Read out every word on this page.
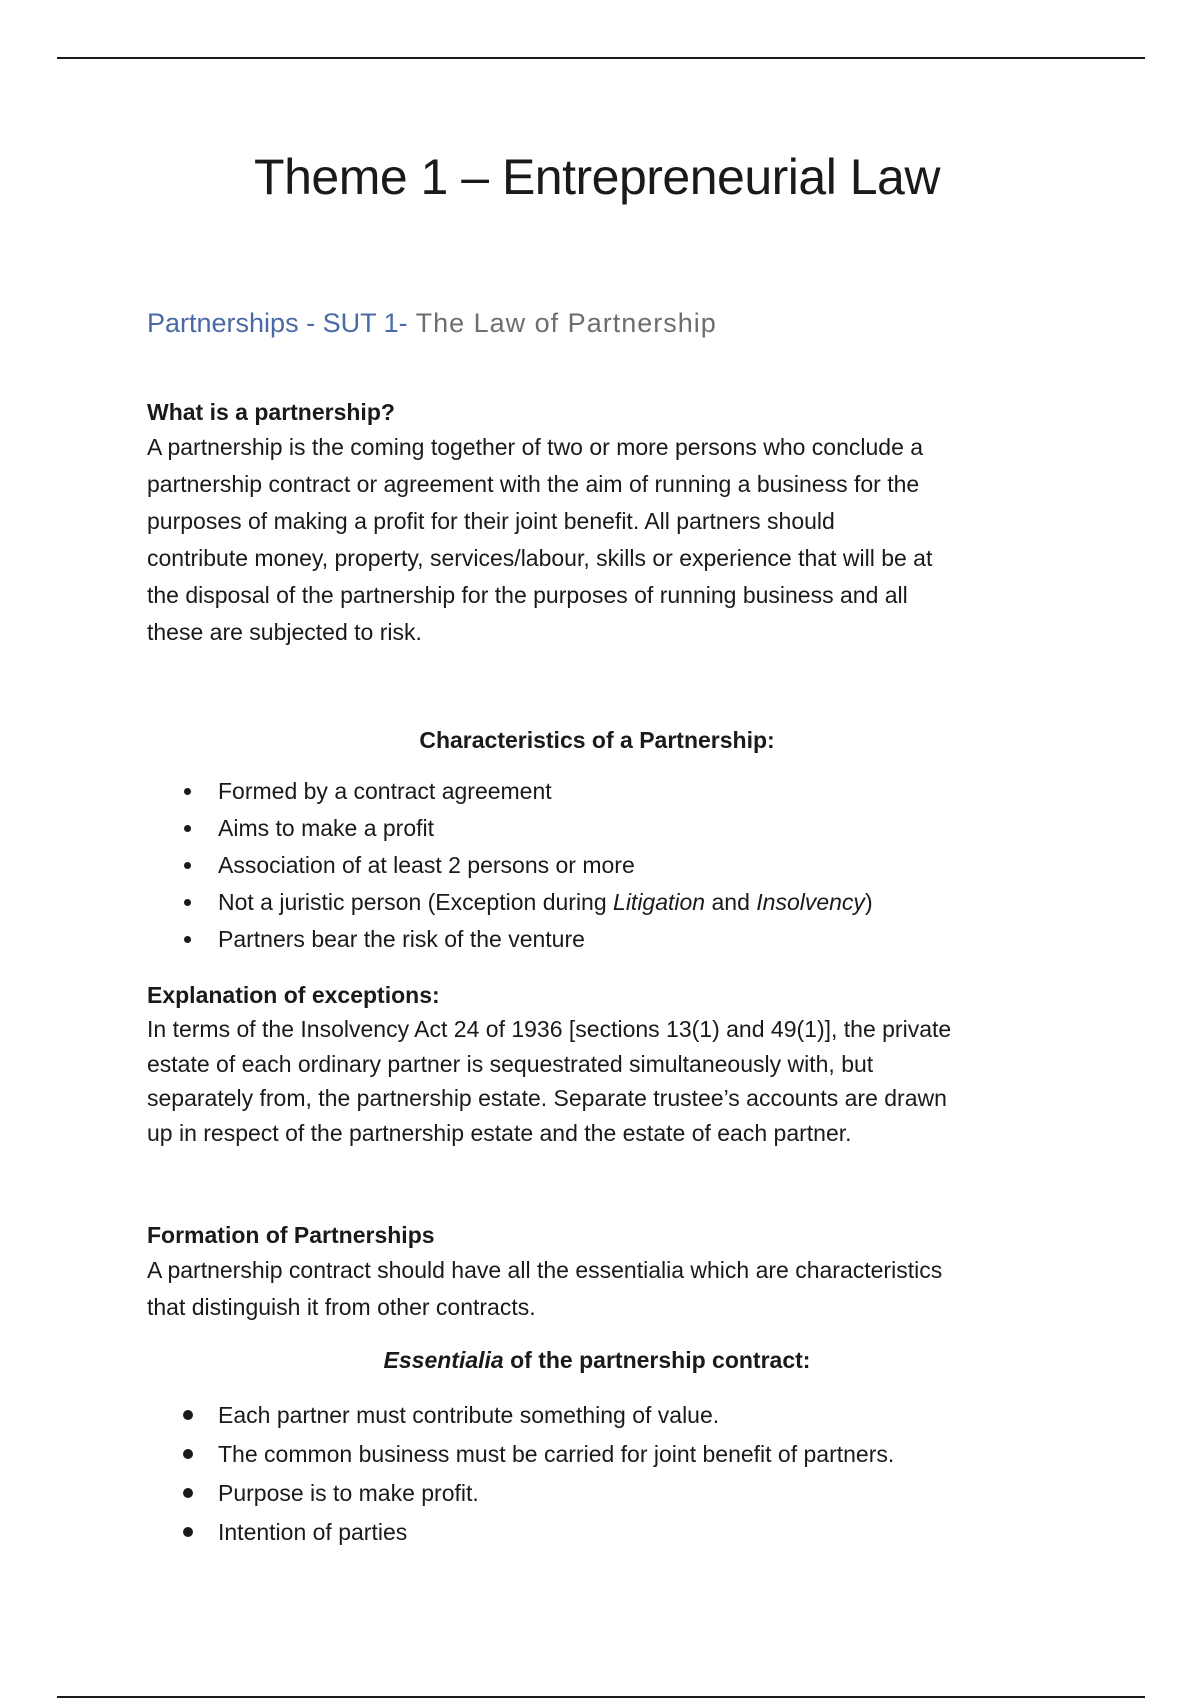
Theme 1 – Entrepreneurial Law
Partnerships - SUT 1- The Law of Partnership
What is a partnership?

A partnership is the coming together of two or more persons who conclude a

partnership contract or agreement with the aim of running a business for the

purposes of making a profit for their joint benefit. All partners should

contribute money, property, services/labour, skills or experience that will be at

the disposal of the partnership for the purposes of running business and all

these are subjected to risk.

Characteristics of a Partnership:
Formed by a contract agreement
Aims to make a profit
Association of at least 2 persons or more
Not a juristic person (Exception during Litigation and Insolvency)
Partners bear the risk of the venture
Explanation of exceptions:

In terms of the Insolvency Act 24 of 1936 [sections 13(1) and 49(1)], the private

estate of each ordinary partner is sequestrated simultaneously with, but

separately from, the partnership estate. Separate trustee’s accounts are drawn

up in respect of the partnership estate and the estate of each partner.

Formation of Partnerships

A partnership contract should have all the essentialia which are characteristics

that distinguish it from other contracts.

Essentialia of the partnership contract:
Each partner must contribute something of value.
The common business must be carried for joint benefit of partners.
Purpose is to make profit.
Intention of parties
